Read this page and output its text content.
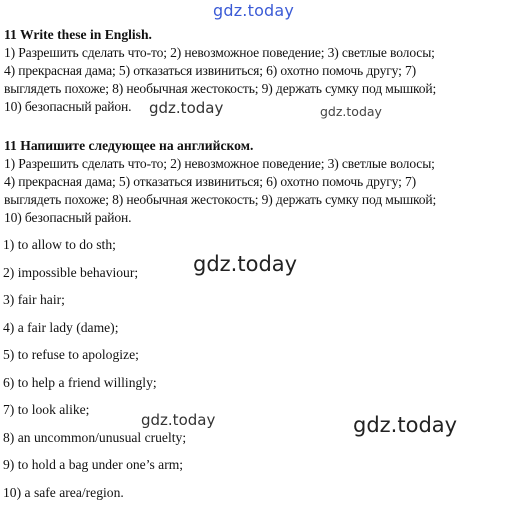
gdz.today
11 Write these in English.
1) Разрешить сделать что-то; 2) невозможное поведение; 3) светлые волосы;
4) прекрасная дама; 5) отказаться извиниться; 6) охотно помочь другу; 7)
выглядеть похоже; 8) необычная жестокость; 9) держать сумку под мышкой;
10) безопасный район.	gdz.today	gdz.today
11 Напишите следующее на английском.
1) Разрешить сделать что-то; 2) невозможное поведение; 3) светлые волосы;
4) прекрасная дама; 5) отказаться извиниться; 6) охотно помочь другу; 7)
выглядеть похоже; 8) необычная жестокость; 9) держать сумку под мышкой;
10) безопасный район.
1) to allow to do sth;
2) impossible behaviour;
3) fair hair;
4) a fair lady (dame);
5) to refuse to apologize;
6) to help a friend willingly;
7) to look alike;
8) an uncommon/unusual cruelty;
9) to hold a bag under one’s arm;
10) a safe area/region.
gdz.today
gdz.today	gdz.today
